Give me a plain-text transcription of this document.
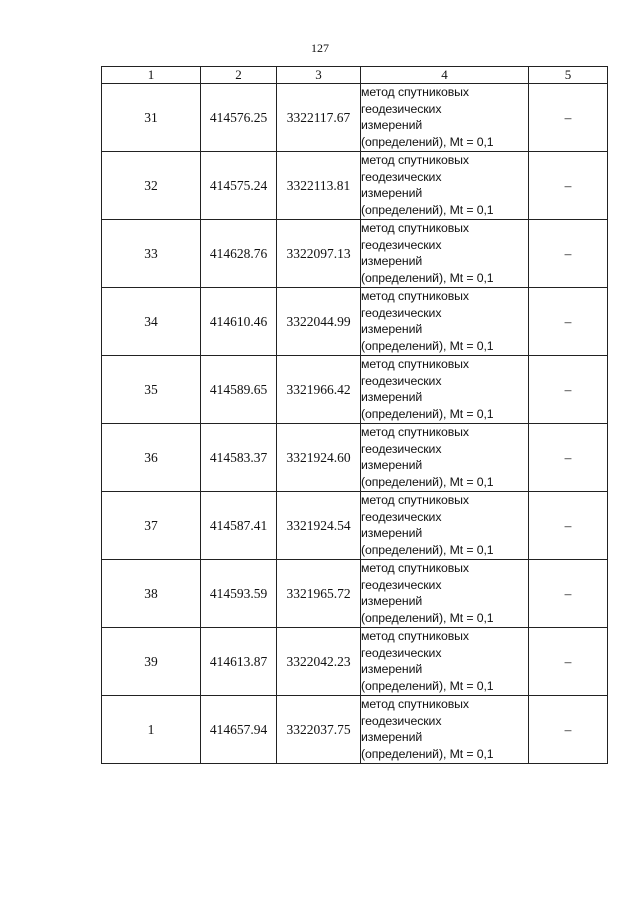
127
1	2	3	4	5
31	414576.25	3322117.67	метод спутниковых
геодезических
измерений
(определений), Mt = 0,1	–
32	414575.24	3322113.81	метод спутниковых
геодезических
измерений
(определений), Mt = 0,1	–
33	414628.76	3322097.13	метод спутниковых
геодезических
измерений
(определений), Mt = 0,1	–
34	414610.46	3322044.99	метод спутниковых
геодезических
измерений
(определений), Mt = 0,1	–
35	414589.65	3321966.42	метод спутниковых
геодезических
измерений
(определений), Mt = 0,1	–
36	414583.37	3321924.60	метод спутниковых
геодезических
измерений
(определений), Mt = 0,1	–
37	414587.41	3321924.54	метод спутниковых
геодезических
измерений
(определений), Mt = 0,1	–
38	414593.59	3321965.72	метод спутниковых
геодезических
измерений
(определений), Mt = 0,1	–
39	414613.87	3322042.23	метод спутниковых
геодезических
измерений
(определений), Mt = 0,1	–
1	414657.94	3322037.75	метод спутниковых
геодезических
измерений
(определений), Mt = 0,1	–
